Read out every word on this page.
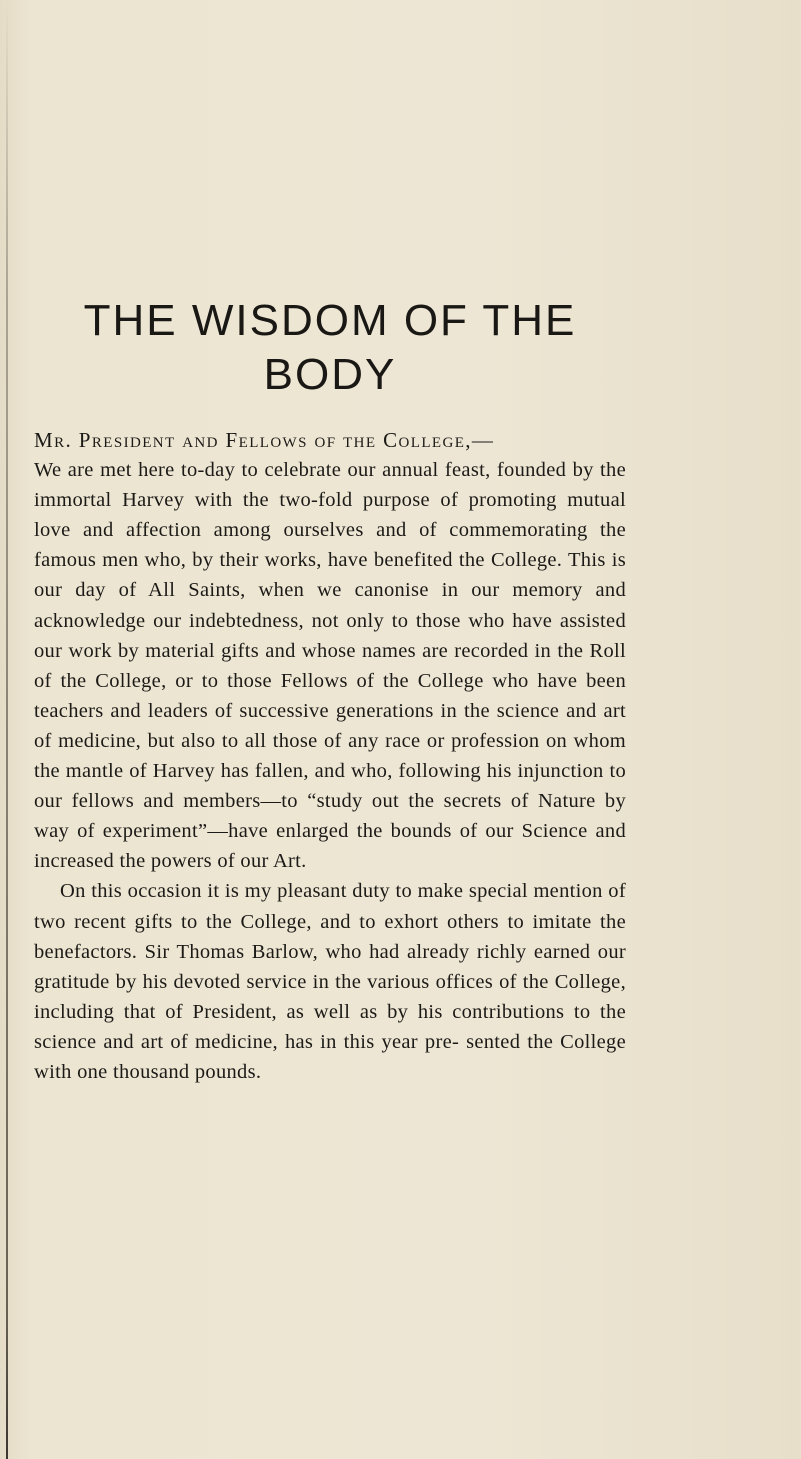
THE WISDOM OF THE
BODY

Mr. President and Fellows of the College,—

We are met here to-day to celebrate our annual feast, founded by the immortal Harvey with the two-fold purpose of promoting mutual love and affection among ourselves and of commemorating the famous men who, by their works, have benefited the College. This is our day of All Saints, when we canonise in our memory and acknowledge our indebtedness, not only to those who have assisted our work by material gifts and whose names are recorded in the Roll of the College, or to those Fellows of the College who have been teachers and leaders of successive generations in the science and art of medicine, but also to all those of any race or profession on whom the mantle of Harvey has fallen, and who, following his injunction to our fellows and members—to “study out the secrets of Nature by way of experiment”—have enlarged the bounds of our Science and increased the powers of our Art.

On this occasion it is my pleasant duty to make special mention of two recent gifts to the College, and to exhort others to imitate the benefactors. Sir Thomas Barlow, who had already richly earned our gratitude by his devoted service in the various offices of the College, including that of President, as well as by his contributions to the science and art of medicine, has in this year pre- sented the College with one thousand pounds.
